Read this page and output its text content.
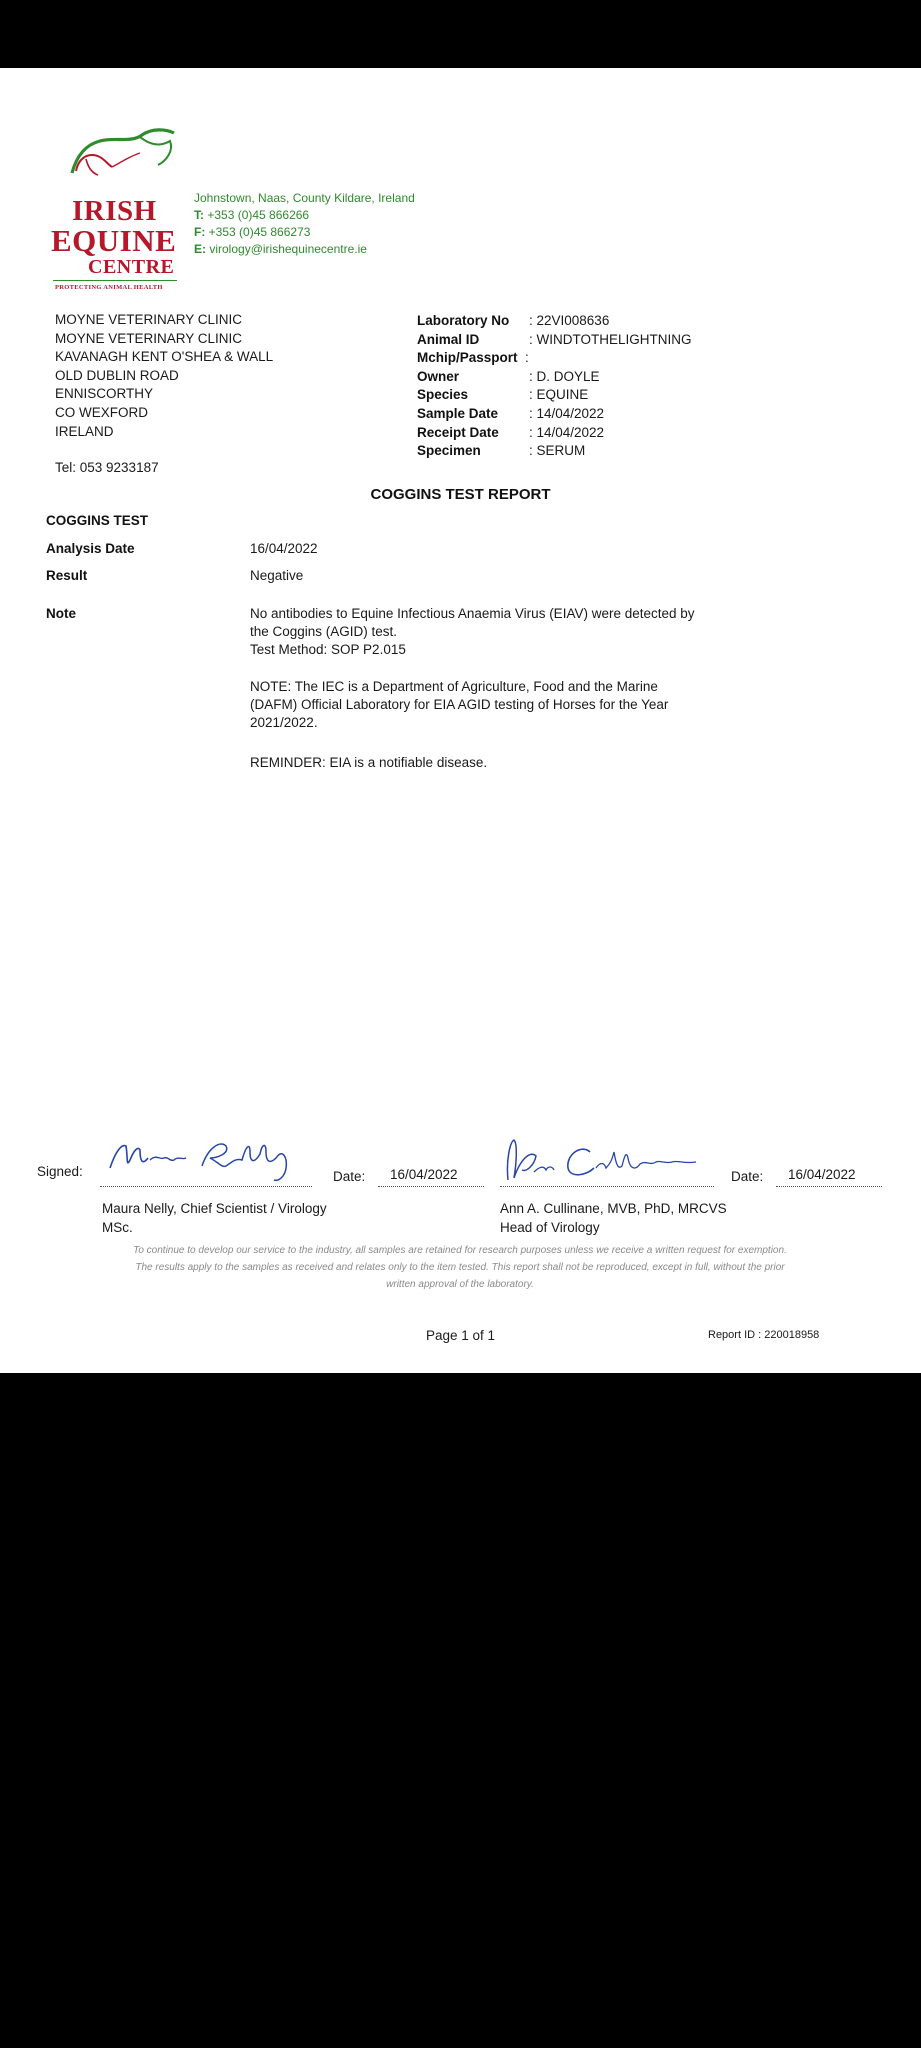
IRISH
EQUINE
CENTRE
PROTECTING ANIMAL HEALTH
Johnstown, Naas, County Kildare, Ireland
T: +353 (0)45 866266
F: +353 (0)45 866273
E: virology@irishequinecentre.ie
MOYNE VETERINARY CLINIC
MOYNE VETERINARY CLINIC
KAVANAGH KENT O'SHEA & WALL
OLD DUBLIN ROAD
ENNISCORTHY
CO WEXFORD
IRELAND
Tel: 053 9233187
Laboratory No	: 22VI008636
Animal ID	: WINDTOTHELIGHTNING
Mchip/Passport :
Owner	: D. DOYLE
Species	: EQUINE
Sample Date	: 14/04/2022
Receipt Date	: 14/04/2022
Specimen	: SERUM
COGGINS TEST REPORT
COGGINS TEST
Analysis Date	16/04/2022
Result	Negative
Note	No antibodies to Equine Infectious Anaemia Virus (EIAV) were detected by
the Coggins (AGID) test.
Test Method: SOP P2.015
NOTE: The IEC is a Department of Agriculture, Food and the Marine
(DAFM) Official Laboratory for EIA AGID testing of Horses for the Year
2021/2022.
REMINDER: EIA is a notifiable disease.
Signed:	Date:	16/04/2022	Date:	16/04/2022
Maura Nelly, Chief Scientist / Virology
MSc.
Ann A. Cullinane, MVB, PhD, MRCVS
Head of Virology
To continue to develop our service to the industry, all samples are retained for research purposes unless we receive a written request for exemption.
The results apply to the samples as received and relates only to the item tested. This report shall not be reproduced, except in full, without the prior
written approval of the laboratory.
Page 1 of 1	Report ID : 220018958
